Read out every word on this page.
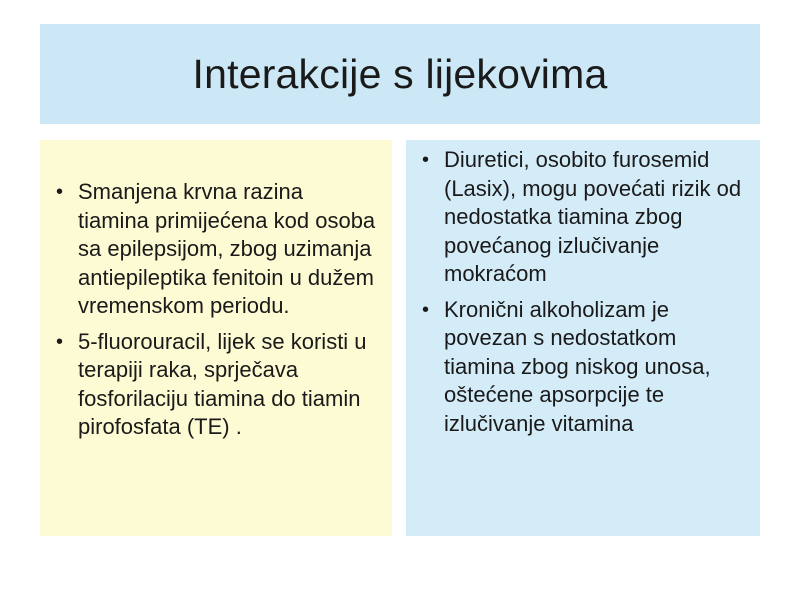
Interakcije s lijekovima
• Smanjena krvna razina tiamina primijećena kod osoba sa epilepsijom, zbog uzimanja antiepileptika fenitoin u dužem vremenskom periodu.
• 5-fluorouracil, lijek se koristi u terapiji raka, sprječava fosforilaciju tiamina do tiamin pirofosfata (TE) .
• Diuretici, osobito furosemid (Lasix), mogu povećati rizik od nedostatka tiamina zbog povećanog izlučivanje mokraćom
• Kronični alkoholizam je povezan s nedostatkom tiamina zbog niskog unosa, oštećene apsorpcije te izlučivanje vitamina
